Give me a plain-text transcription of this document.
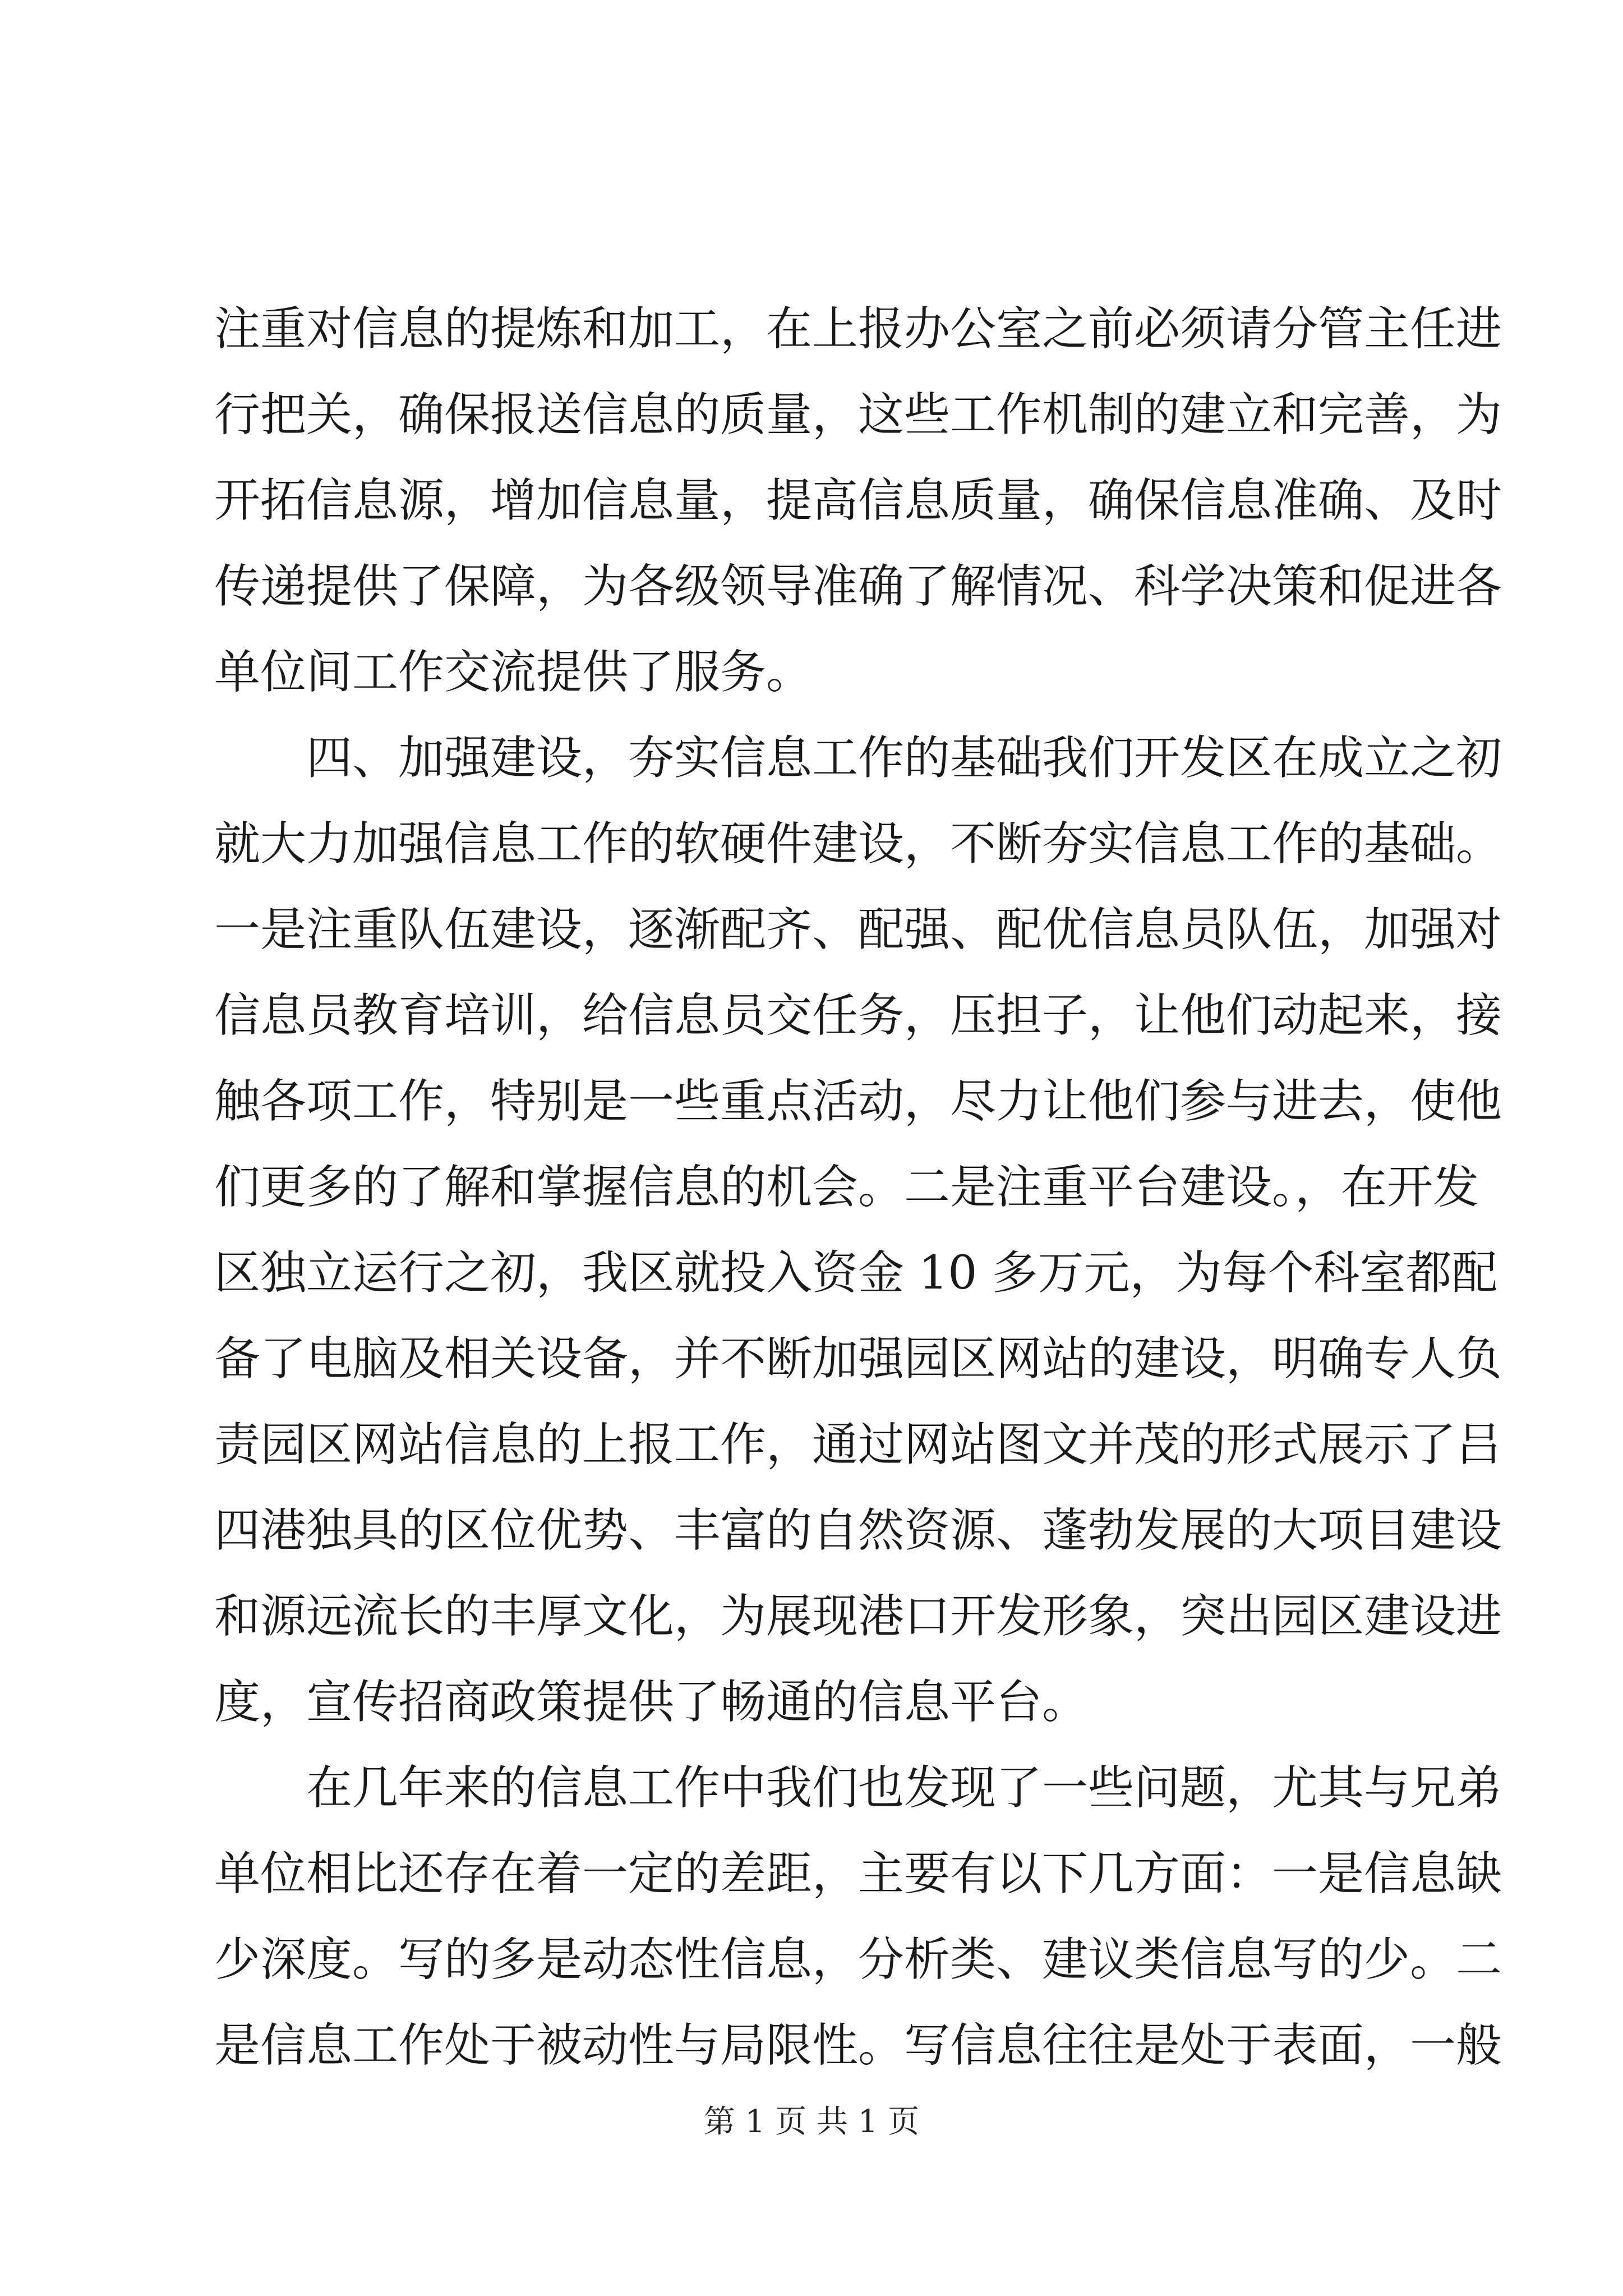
注重对信息的提炼和加工，在上报办公室之前必须请分管主任进
行把关，确保报送信息的质量，这些工作机制的建立和完善，为
开拓信息源，增加信息量，提高信息质量，确保信息准确、及时
传递提供了保障，为各级领导准确了解情况、科学决策和促进各
单位间工作交流提供了服务。
四、加强建设，夯实信息工作的基础我们开发区在成立之初
就大力加强信息工作的软硬件建设，不断夯实信息工作的基础。
一是注重队伍建设，逐渐配齐、配强、配优信息员队伍，加强对
信息员教育培训，给信息员交任务，压担子，让他们动起来，接
触各项工作，特别是一些重点活动，尽力让他们参与进去，使他
们更多的了解和掌握信息的机会。二是注重平台建设。，在开发
区独立运行之初，我区就投入资金 10 多万元，为每个科室都配
备了电脑及相关设备，并不断加强园区网站的建设，明确专人负
责园区网站信息的上报工作，通过网站图文并茂的形式展示了吕
四港独具的区位优势、丰富的自然资源、蓬勃发展的大项目建设
和源远流长的丰厚文化，为展现港口开发形象，突出园区建设进
度，宣传招商政策提供了畅通的信息平台。
在几年来的信息工作中我们也发现了一些问题，尤其与兄弟
单位相比还存在着一定的差距，主要有以下几方面：一是信息缺
少深度。写的多是动态性信息，分析类、建议类信息写的少。二
是信息工作处于被动性与局限性。写信息往往是处于表面，一般
第 1 页 共 1 页
